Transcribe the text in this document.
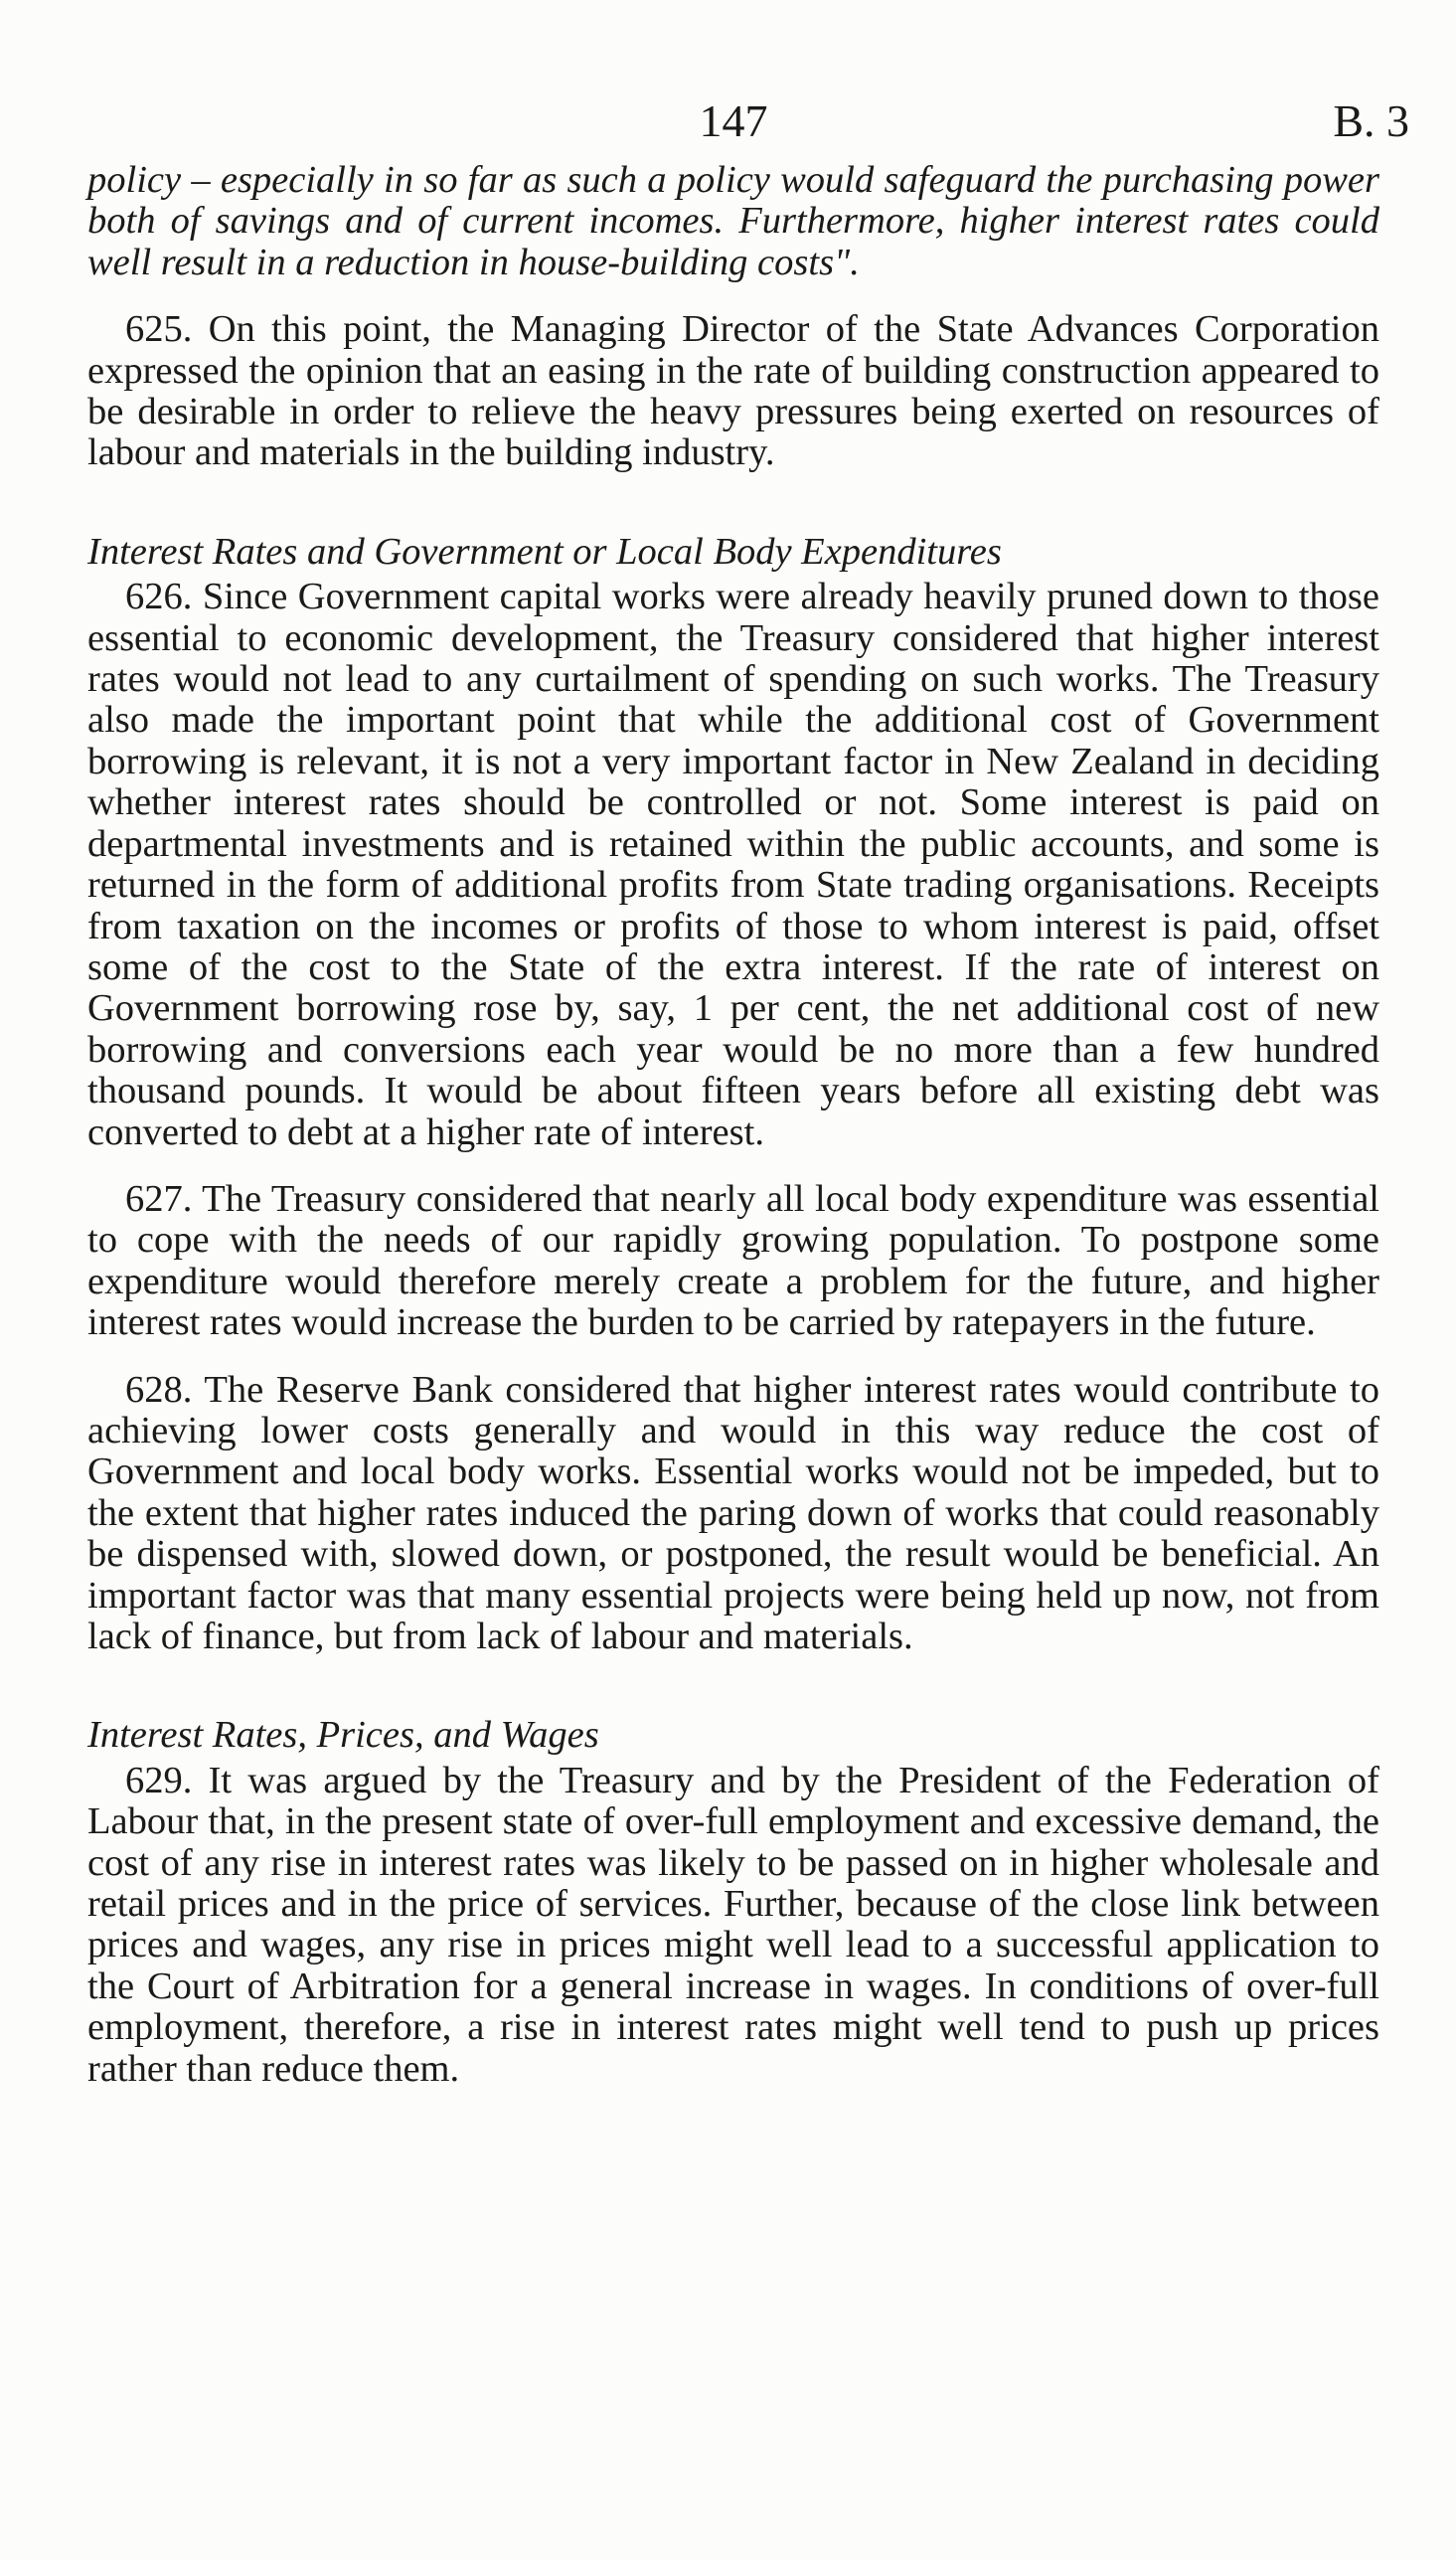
147	B. 3

policy – especially in so far as such a policy would safeguard the purchasing power both of savings and of current incomes. Furthermore, higher interest rates could well result in a reduction in house-building costs".

625. On this point, the Managing Director of the State Advances Corporation expressed the opinion that an easing in the rate of building construction appeared to be desirable in order to relieve the heavy pressures being exerted on resources of labour and materials in the building industry.

Interest Rates and Government or Local Body Expenditures

626. Since Government capital works were already heavily pruned down to those essential to economic development, the Treasury considered that higher interest rates would not lead to any curtailment of spending on such works. The Treasury also made the important point that while the additional cost of Government borrowing is relevant, it is not a very important factor in New Zealand in deciding whether interest rates should be controlled or not. Some interest is paid on departmental investments and is retained within the public accounts, and some is returned in the form of additional profits from State trading organisations. Receipts from taxation on the incomes or profits of those to whom interest is paid, offset some of the cost to the State of the extra interest. If the rate of interest on Government borrowing rose by, say, 1 per cent, the net additional cost of new borrowing and conversions each year would be no more than a few hundred thousand pounds. It would be about fifteen years before all existing debt was converted to debt at a higher rate of interest.

627. The Treasury considered that nearly all local body expenditure was essential to cope with the needs of our rapidly growing population. To postpone some expenditure would therefore merely create a problem for the future, and higher interest rates would increase the burden to be carried by ratepayers in the future.

628. The Reserve Bank considered that higher interest rates would contribute to achieving lower costs generally and would in this way reduce the cost of Government and local body works. Essential works would not be impeded, but to the extent that higher rates induced the paring down of works that could reasonably be dispensed with, slowed down, or postponed, the result would be beneficial. An important factor was that many essential projects were being held up now, not from lack of finance, but from lack of labour and materials.

Interest Rates, Prices, and Wages

629. It was argued by the Treasury and by the President of the Federation of Labour that, in the present state of over-full employment and excessive demand, the cost of any rise in interest rates was likely to be passed on in higher wholesale and retail prices and in the price of services. Further, because of the close link between prices and wages, any rise in prices might well lead to a successful application to the Court of Arbitration for a general increase in wages. In conditions of over-full employment, therefore, a rise in interest rates might well tend to push up prices rather than reduce them.
